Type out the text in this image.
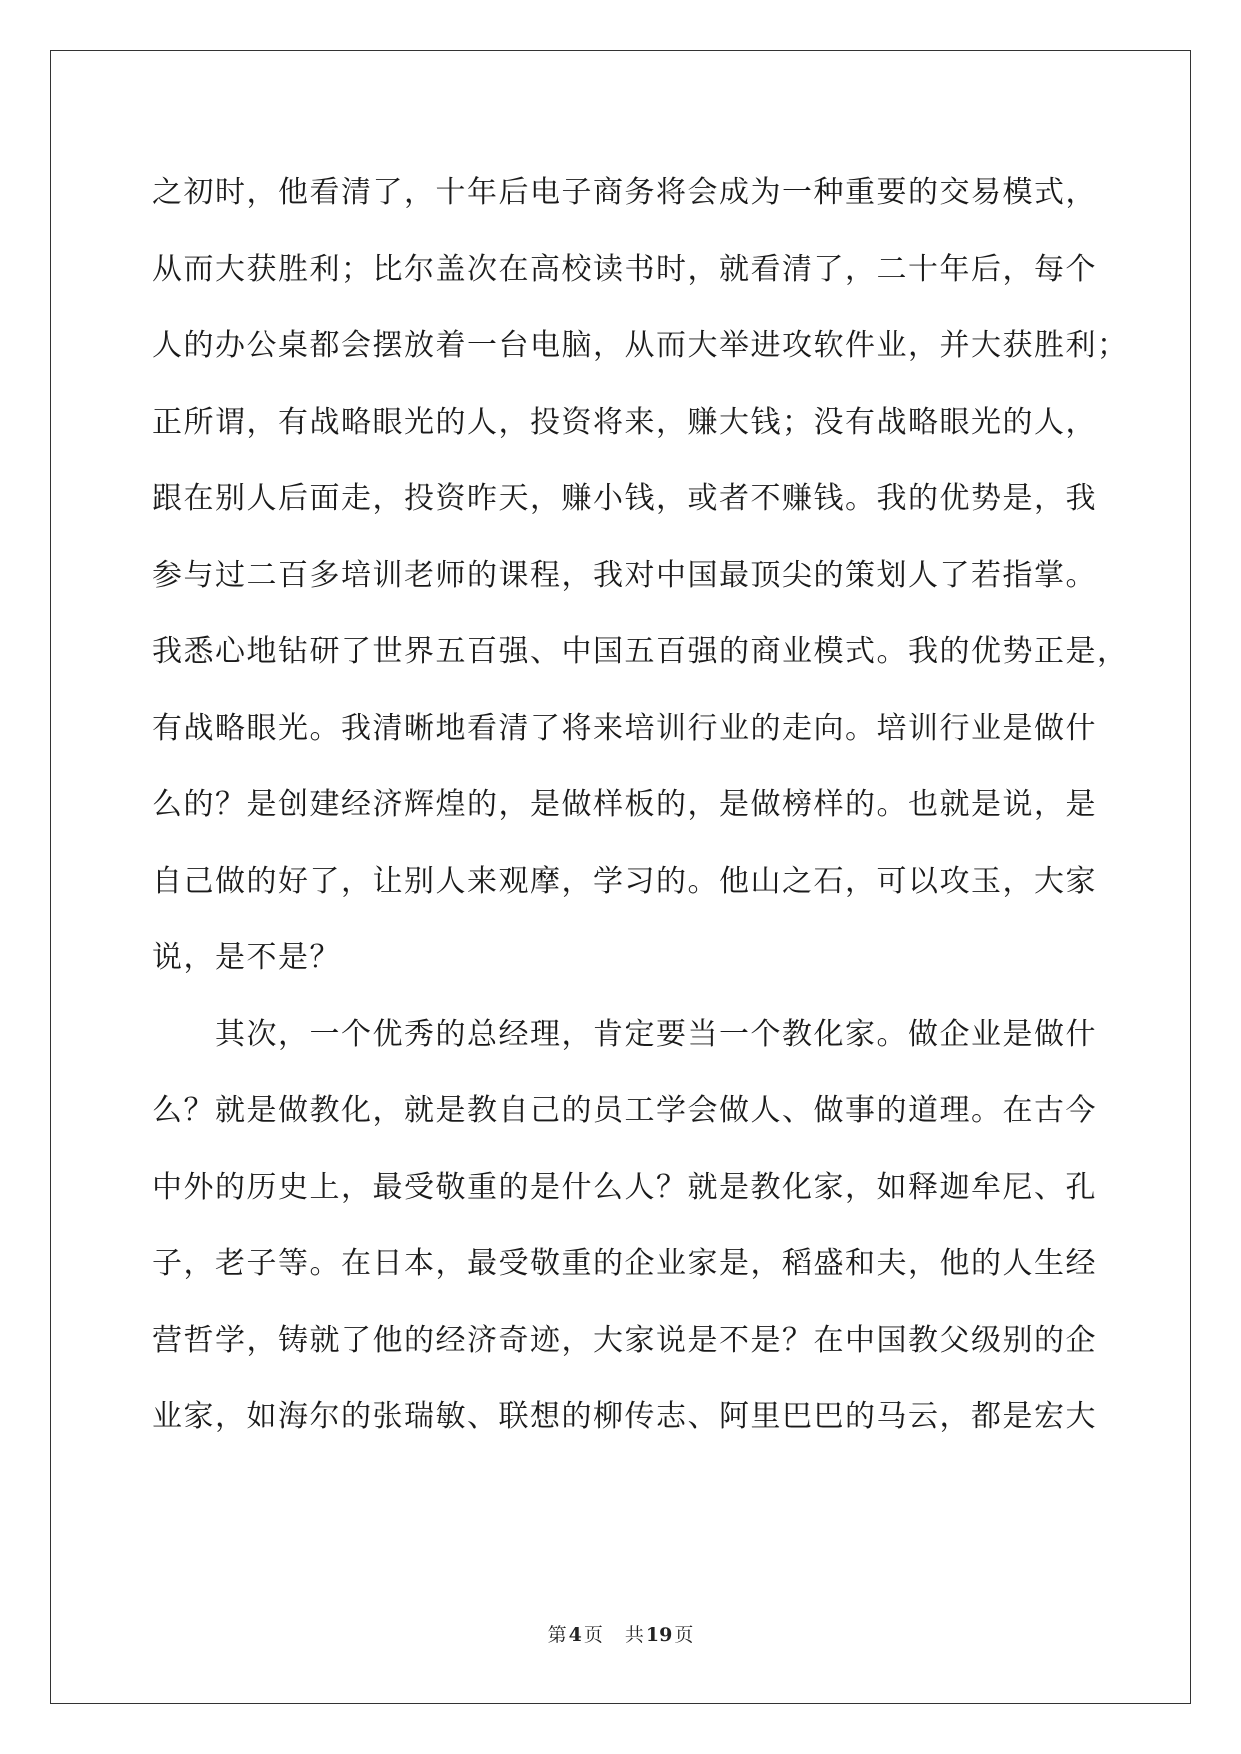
之初时，他看清了，十年后电子商务将会成为一种重要的交易模式，
从而大获胜利；比尔盖次在高校读书时，就看清了，二十年后，每个
人的办公桌都会摆放着一台电脑，从而大举进攻软件业，并大获胜利；
正所谓，有战略眼光的人，投资将来，赚大钱；没有战略眼光的人，
跟在别人后面走，投资昨天，赚小钱，或者不赚钱。我的优势是，我
参与过二百多培训老师的课程，我对中国最顶尖的策划人了若指掌。
我悉心地钻研了世界五百强、中国五百强的商业模式。我的优势正是，
有战略眼光。我清晰地看清了将来培训行业的走向。培训行业是做什
么的？是创建经济辉煌的，是做样板的，是做榜样的。也就是说，是
自己做的好了，让别人来观摩，学习的。他山之石，可以攻玉，大家
说，是不是？
　　其次，一个优秀的总经理，肯定要当一个教化家。做企业是做什
么？就是做教化，就是教自己的员工学会做人、做事的道理。在古今
中外的历史上，最受敬重的是什么人？就是教化家，如释迦牟尼、孔
子，老子等。在日本，最受敬重的企业家是，稻盛和夫，他的人生经
营哲学，铸就了他的经济奇迹，大家说是不是？在中国教父级别的企
业家，如海尔的张瑞敏、联想的柳传志、阿里巴巴的马云，都是宏大
第 4 页 共 19 页
